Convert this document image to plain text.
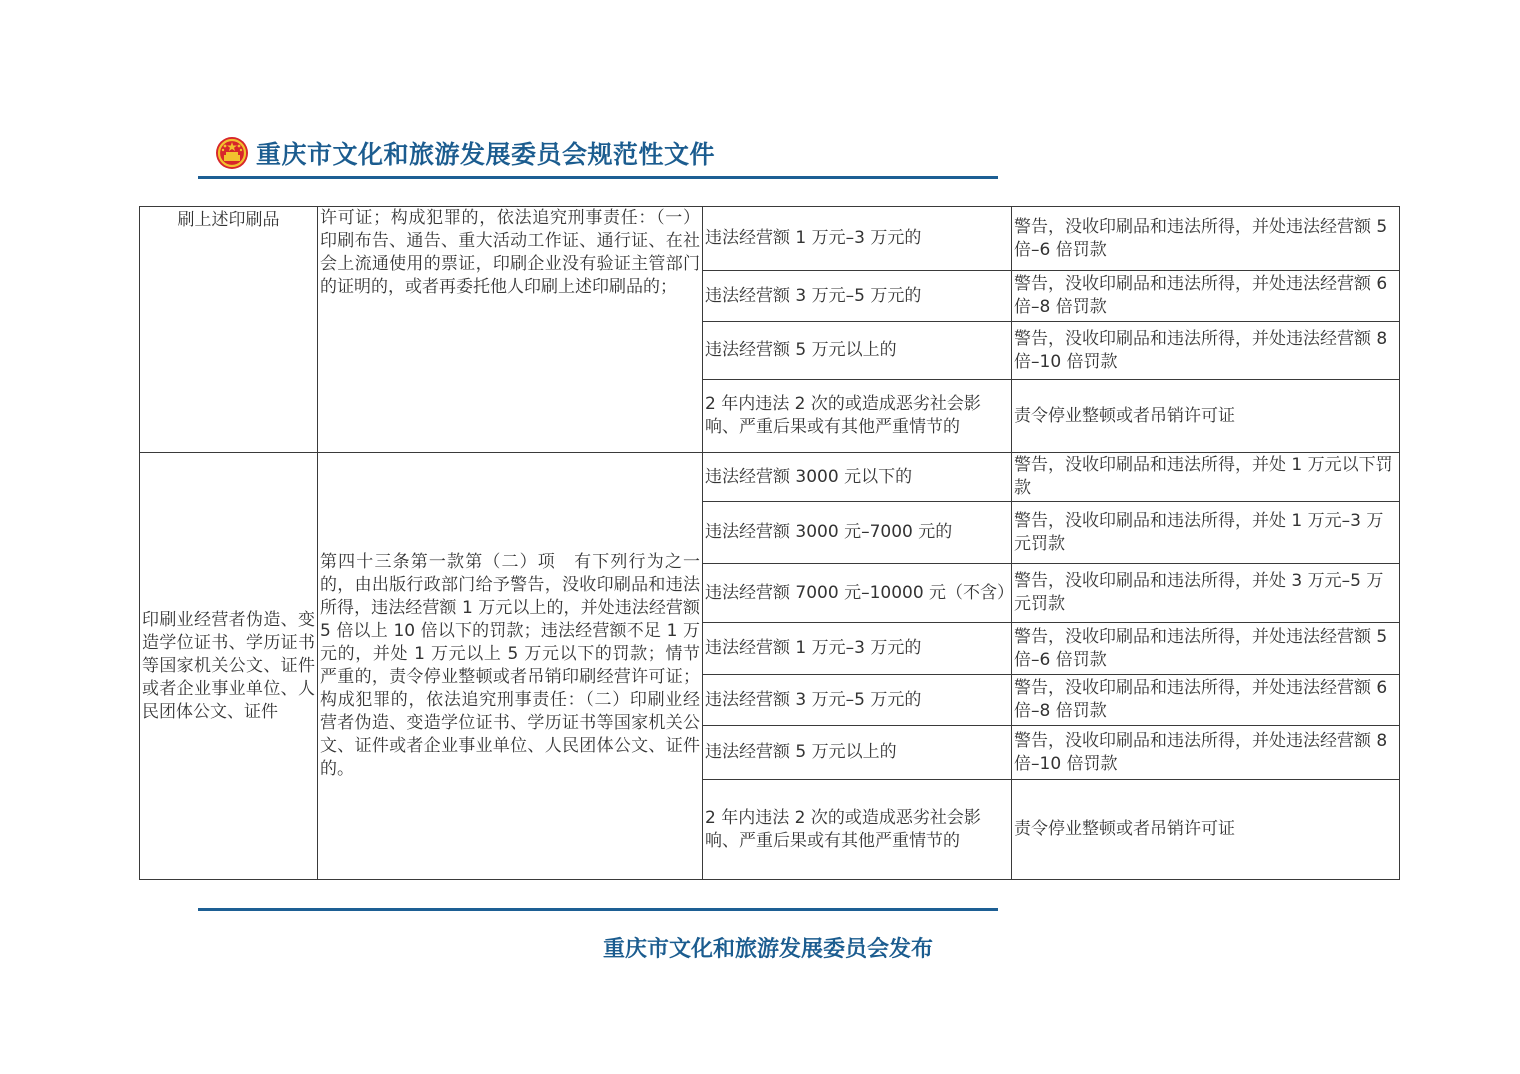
重庆市文化和旅游发展委员会规范性文件

刷上述印刷品	许可证；构成犯罪的，依法追究刑事责任：（一）印刷布告、通告、重大活动工作证、通行证、在社会上流通使用的票证，印刷企业没有验证主管部门的证明的，或者再委托他人印刷上述印刷品的；	违法经营额 1 万元–3 万元的	警告，没收印刷品和违法所得，并处违法经营额 5 倍–6 倍罚款
		违法经营额 3 万元–5 万元的	警告，没收印刷品和违法所得，并处违法经营额 6 倍–8 倍罚款
		违法经营额 5 万元以上的	警告，没收印刷品和违法所得，并处违法经营额 8 倍–10 倍罚款
		2 年内违法 2 次的或造成恶劣社会影响、严重后果或有其他严重情节的	责令停业整顿或者吊销许可证

印刷业经营者伪造、变造学位证书、学历证书等国家机关公文、证件或者企业事业单位、人民团体公文、证件	第四十三条第一款第（二）项　有下列行为之一的，由出版行政部门给予警告，没收印刷品和违法所得，违法经营额 1 万元以上的，并处违法经营额 5 倍以上 10 倍以下的罚款；违法经营额不足 1 万元的，并处 1 万元以上 5 万元以下的罚款；情节严重的，责令停业整顿或者吊销印刷经营许可证；构成犯罪的，依法追究刑事责任：（二）印刷业经营者伪造、变造学位证书、学历证书等国家机关公文、证件或者企业事业单位、人民团体公文、证件的。	违法经营额 3000 元以下的	警告，没收印刷品和违法所得，并处 1 万元以下罚款
		违法经营额 3000 元–7000 元的	警告，没收印刷品和违法所得，并处 1 万元–3 万元罚款
		违法经营额 7000 元–10000 元（不含）	警告，没收印刷品和违法所得，并处 3 万元–5 万元罚款
		违法经营额 1 万元–3 万元的	警告，没收印刷品和违法所得，并处违法经营额 5 倍–6 倍罚款
		违法经营额 3 万元–5 万元的	警告，没收印刷品和违法所得，并处违法经营额 6 倍–8 倍罚款
		违法经营额 5 万元以上的	警告，没收印刷品和违法所得，并处违法经营额 8 倍–10 倍罚款
		2 年内违法 2 次的或造成恶劣社会影响、严重后果或有其他严重情节的	责令停业整顿或者吊销许可证
重庆市文化和旅游发展委员会发布
